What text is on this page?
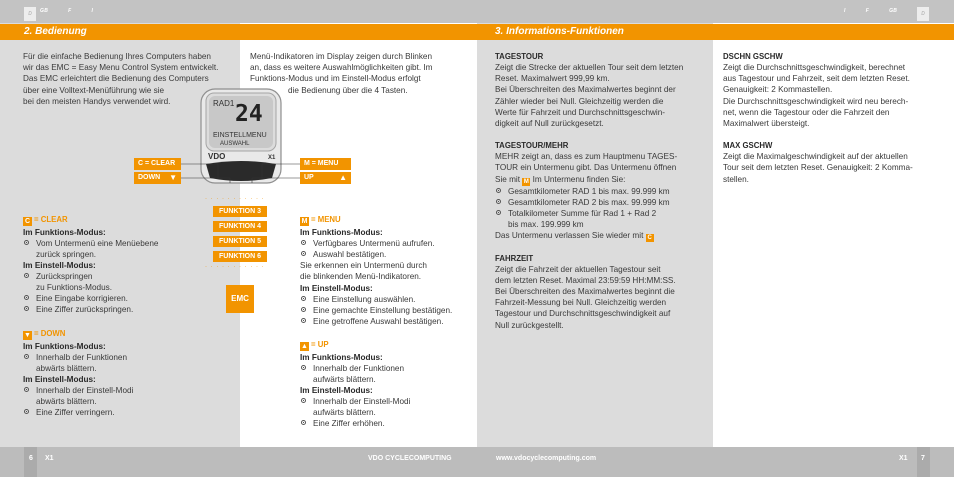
D	GB	F	I	I	F	GB	D
2. Bedienung	3. Informations-Funktionen

Für die einfache Bedienung Ihres Computers haben

wir das EMC = Easy Menu Control System entwickelt.

Das EMC erleichtert die Bedienung des Computers

über eine Volltext-Menüführung wie sie

bei den meisten Handys verwendet wird.

Menü-Indikatoren im Display zeigen durch Blinken

an, dass es weitere Auswahlmöglichkeiten gibt. Im

Funktions-Modus und im Einstell-Modus erfolgt

die Bedienung über die 4 Tasten.

RAD1 24
EINSTELLMENU
AUSWAHL
VDO	X1
C = CLEAR
DOWN ▼
M = MENU
UP	▲
· · · · · · · · · · ·
FUNKTION 3
FUNKTION 4
FUNKTION 5
FUNKTION 6
· · · · · · · · · · ·
EMC
C = CLEAR
Im Funktions-Modus:
Vom Untermenü eine Menüebene
zurück springen.
Im Einstell-Modus:
Zurückspringen
zu Funktions-Modus.
Eine Eingabe korrigieren.
Eine Ziffer zurückspringen.
▼ = DOWN
Im Funktions-Modus:
Innerhalb der Funktionen
abwärts blättern.
Im Einstell-Modus:
Innerhalb der Einstell-Modi
abwärts blättern.
Eine Ziffer verringern.
M = MENU
Im Funktions-Modus:
Verfügbares Untermenü aufrufen.
Auswahl bestätigen.

Sie erkennen ein Untermenü durch

die blinkenden Menü-Indikatoren.

Im Einstell-Modus:
Eine Einstellung auswählen.
Eine gemachte Einstellung bestätigen.
Eine getroffene Auswahl bestätigen.
▲ = UP
Im Funktions-Modus:
Innerhalb der Funktionen
aufwärts blättern.
Im Einstell-Modus:
Innerhalb der Einstell-Modi
aufwärts blättern.
Eine Ziffer erhöhen.
TAGESTOUR

Zeigt die Strecke der aktuellen Tour seit dem letzten

Reset. Maximalwert 999,99 km.

Bei Überschreiten des Maximalwertes beginnt der

Zähler wieder bei Null. Gleichzeitig werden die

Werte für Fahrzeit und Durchschnittsgeschwin-

digkeit auf Null zurückgesetzt.

TAGESTOUR/MEHR

MEHR zeigt an, dass es zum Hauptmenu TAGES-

TOUR ein Untermenu gibt. Das Untermenu öffnen

Sie mit M Im Untermenu finden Sie:

Gesamtkilometer RAD 1 bis max. 99.999 km
Gesamtkilometer RAD 2 bis max. 99.999 km
Totalkilometer Summe für Rad 1 + Rad 2
bis max. 199.999 km

Das Untermenu verlassen Sie wieder mit C

FAHRZEIT

Zeigt die Fahrzeit der aktuellen Tagestour seit

dem letzten Reset. Maximal 23:59:59 HH:MM:SS.

Bei Überschreiten des Maximalwertes beginnt die

Fahrzeit-Messung bei Null. Gleichzeitig werden

Tagestour und Durchschnittsgeschwindigkeit auf

Null zurückgestellt.

DSCHN GSCHW

Zeigt die Durchschnittsgeschwindigkeit, berechnet

aus Tagestour und Fahrzeit, seit dem letzten Reset.

Genauigkeit: 2 Kommastellen.

Die Durchschnittsgeschwindigkeit wird neu berech-

net, wenn die Tagestour oder die Fahrzeit den

Maximalwert übersteigt.

MAX GSCHW

Zeigt die Maximalgeschwindigkeit auf der aktuellen

Tour seit dem letzten Reset. Genauigkeit: 2 Komma-

stellen.

6 X1	VDO CYCLECOMPUTING	www.vdocyclecomputing.com	X1 7
